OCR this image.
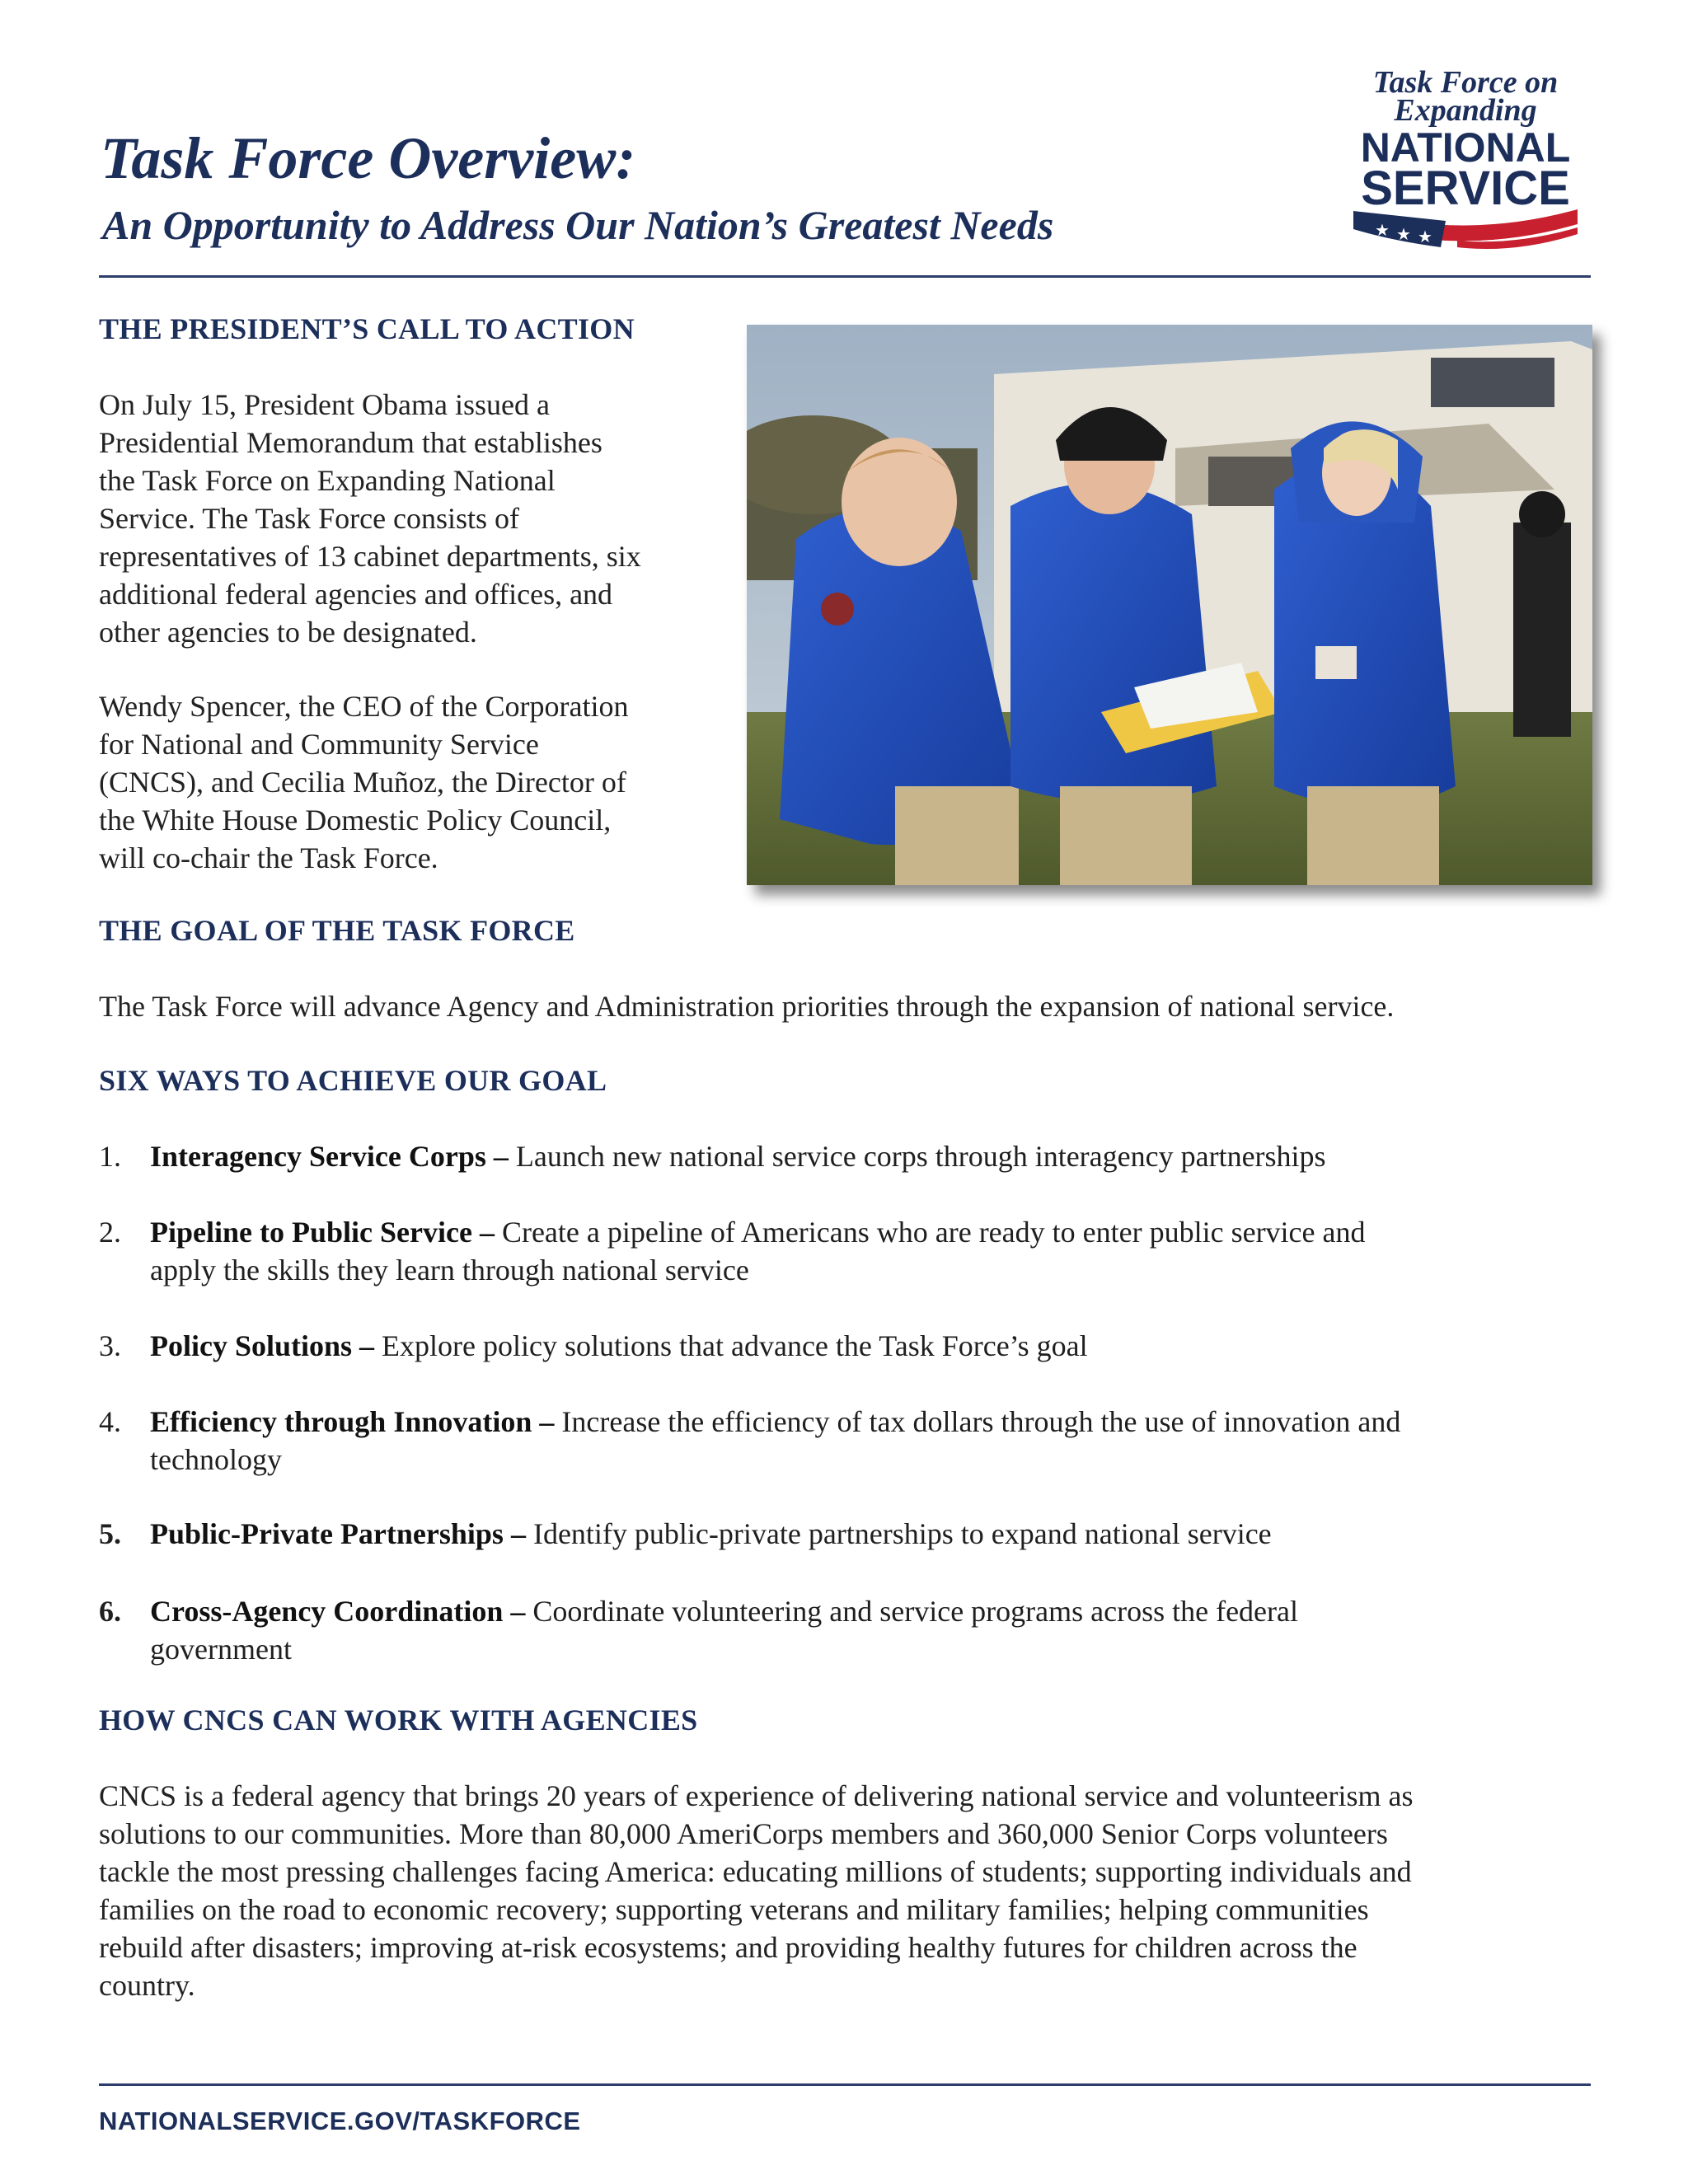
Task Force Overview:
An Opportunity to Address Our Nation’s Greatest Needs
Task Force on
Expanding
NATIONAL
SERVICE
★ ★ ★
THE PRESIDENT’S CALL TO ACTION
On July 15, President Obama issued a
Presidential Memorandum that establishes
the Task Force on Expanding National
Service. The Task Force consists of
representatives of 13 cabinet departments, six
additional federal agencies and offices, and
other agencies to be designated.
Wendy Spencer, the CEO of the Corporation
for National and Community Service
(CNCS), and Cecilia Muñoz, the Director of
the White House Domestic Policy Council,
will co-chair the Task Force.
THE GOAL OF THE TASK FORCE
The Task Force will advance Agency and Administration priorities through the expansion of national service.
SIX WAYS TO ACHIEVE OUR GOAL
1. Interagency Service Corps – Launch new national service corps through interagency partnerships
2. Pipeline to Public Service – Create a pipeline of Americans who are ready to enter public service and
apply the skills they learn through national service
3. Policy Solutions – Explore policy solutions that advance the Task Force’s goal
4. Efficiency through Innovation – Increase the efficiency of tax dollars through the use of innovation and
technology
5. Public-Private Partnerships – Identify public-private partnerships to expand national service
6. Cross-Agency Coordination – Coordinate volunteering and service programs across the federal
government
HOW CNCS CAN WORK WITH AGENCIES
CNCS is a federal agency that brings 20 years of experience of delivering national service and volunteerism as
solutions to our communities. More than 80,000 AmeriCorps members and 360,000 Senior Corps volunteers
tackle the most pressing challenges facing America: educating millions of students; supporting individuals and
families on the road to economic recovery; supporting veterans and military families; helping communities
rebuild after disasters; improving at-risk ecosystems; and providing healthy futures for children across the
country.
NATIONALSERVICE.GOV/TASKFORCE
